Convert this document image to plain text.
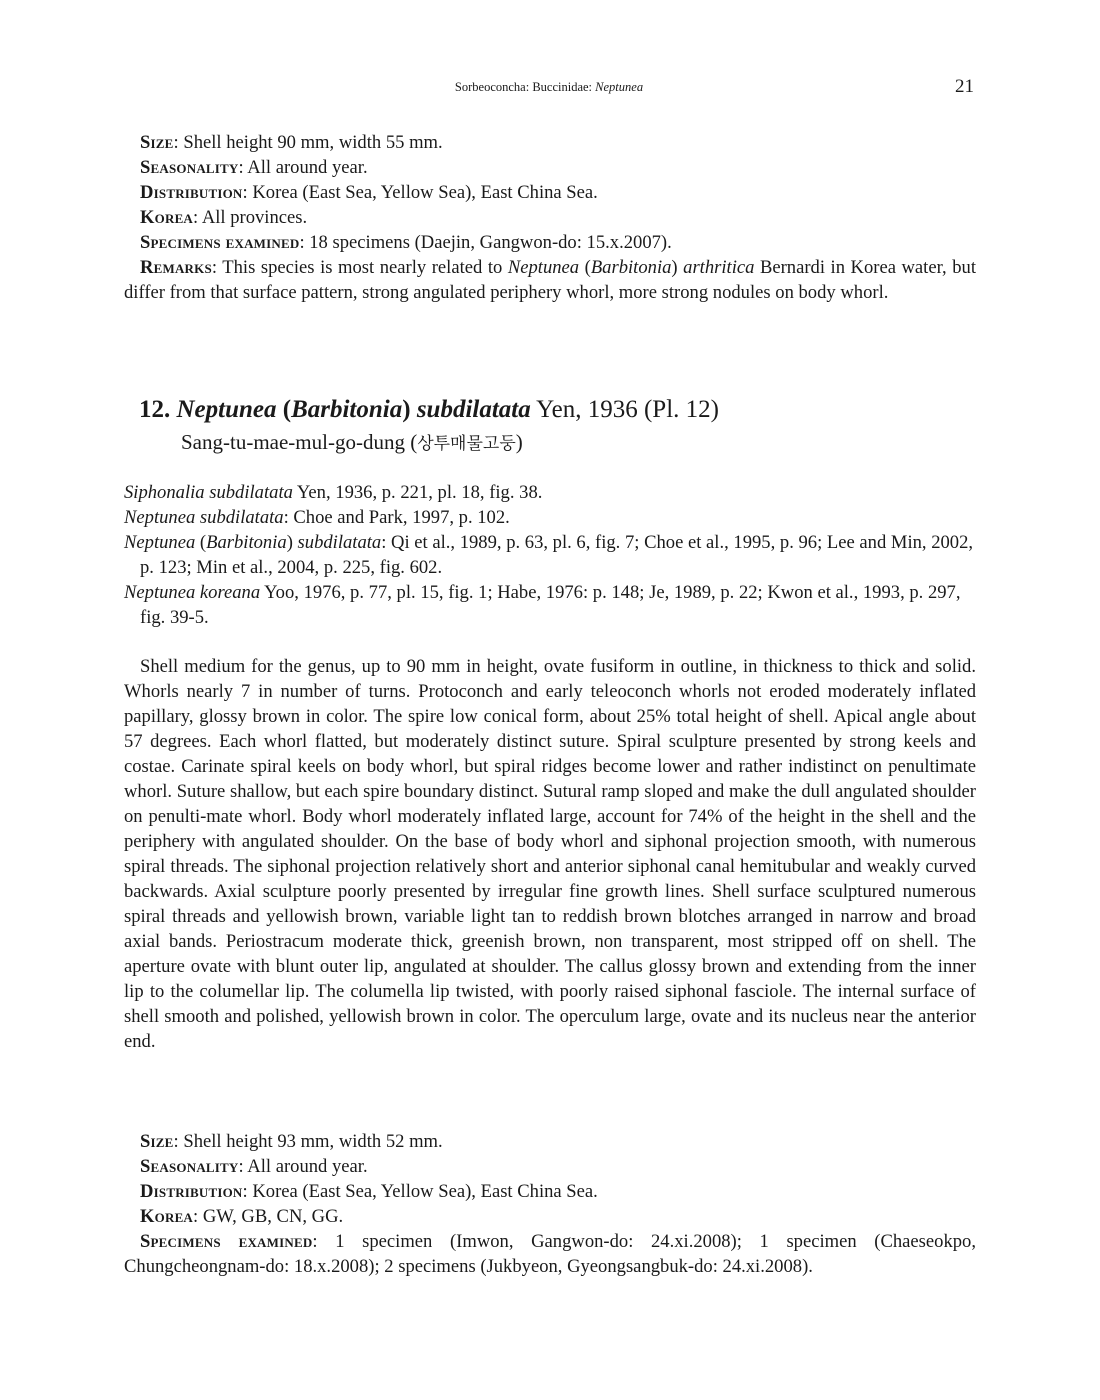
Sorbeoconcha: Buccinidae: Neptunea	21
Size: Shell height 90 mm, width 55 mm.
Seasonality: All around year.
Distribution: Korea (East Sea, Yellow Sea), East China Sea.
Korea: All provinces.
Specimens examined: 18 specimens (Daejin, Gangwon-do: 15.x.2007).
Remarks: This species is most nearly related to Neptunea (Barbitonia) arthritica Bernardi in Korea water, but differ from that surface pattern, strong angulated periphery whorl, more strong nodules on body whorl.
12. Neptunea (Barbitonia) subdilatata Yen, 1936 (Pl. 12)
Sang-tu-mae-mul-go-dung (상투매물고둥)
Siphonalia subdilatata Yen, 1936, p. 221, pl. 18, fig. 38.
Neptunea subdilatata: Choe and Park, 1997, p. 102.
Neptunea (Barbitonia) subdilatata: Qi et al., 1989, p. 63, pl. 6, fig. 7; Choe et al., 1995, p. 96; Lee and Min, 2002, p. 123; Min et al., 2004, p. 225, fig. 602.
Neptunea koreana Yoo, 1976, p. 77, pl. 15, fig. 1; Habe, 1976: p. 148; Je, 1989, p. 22; Kwon et al., 1993, p. 297, fig. 39-5.
Shell medium for the genus, up to 90 mm in height, ovate fusiform in outline, in thickness to thick and solid. Whorls nearly 7 in number of turns. Protoconch and early teleoconch whorls not eroded moderately inflated papillary, glossy brown in color. The spire low conical form, about 25% total height of shell. Apical angle about 57 degrees. Each whorl flatted, but moderately distinct suture. Spiral sculpture presented by strong keels and costae. Carinate spiral keels on body whorl, but spiral ridges become lower and rather indistinct on penultimate whorl. Suture shallow, but each spire boundary distinct. Sutural ramp sloped and make the dull angulated shoulder on penulti-mate whorl. Body whorl moderately inflated large, account for 74% of the height in the shell and the periphery with angulated shoulder. On the base of body whorl and siphonal projection smooth, with numerous spiral threads. The siphonal projection relatively short and anterior siphonal canal hemitubular and weakly curved backwards. Axial sculpture poorly presented by irregular fine growth lines. Shell surface sculptured numerous spiral threads and yellowish brown, variable light tan to reddish brown blotches arranged in narrow and broad axial bands. Periostracum moderate thick, greenish brown, non transparent, most stripped off on shell. The aperture ovate with blunt outer lip, angulated at shoulder. The callus glossy brown and extending from the inner lip to the columellar lip. The columella lip twisted, with poorly raised siphonal fasciole. The internal surface of shell smooth and polished, yellowish brown in color. The operculum large, ovate and its nucleus near the anterior end.
Size: Shell height 93 mm, width 52 mm.
Seasonality: All around year.
Distribution: Korea (East Sea, Yellow Sea), East China Sea.
Korea: GW, GB, CN, GG.
Specimens examined: 1 specimen (Imwon, Gangwon-do: 24.xi.2008); 1 specimen (Chaeseokpo, Chungcheongnam-do: 18.x.2008); 2 specimens (Jukbyeon, Gyeongsangbuk-do: 24.xi.2008).
